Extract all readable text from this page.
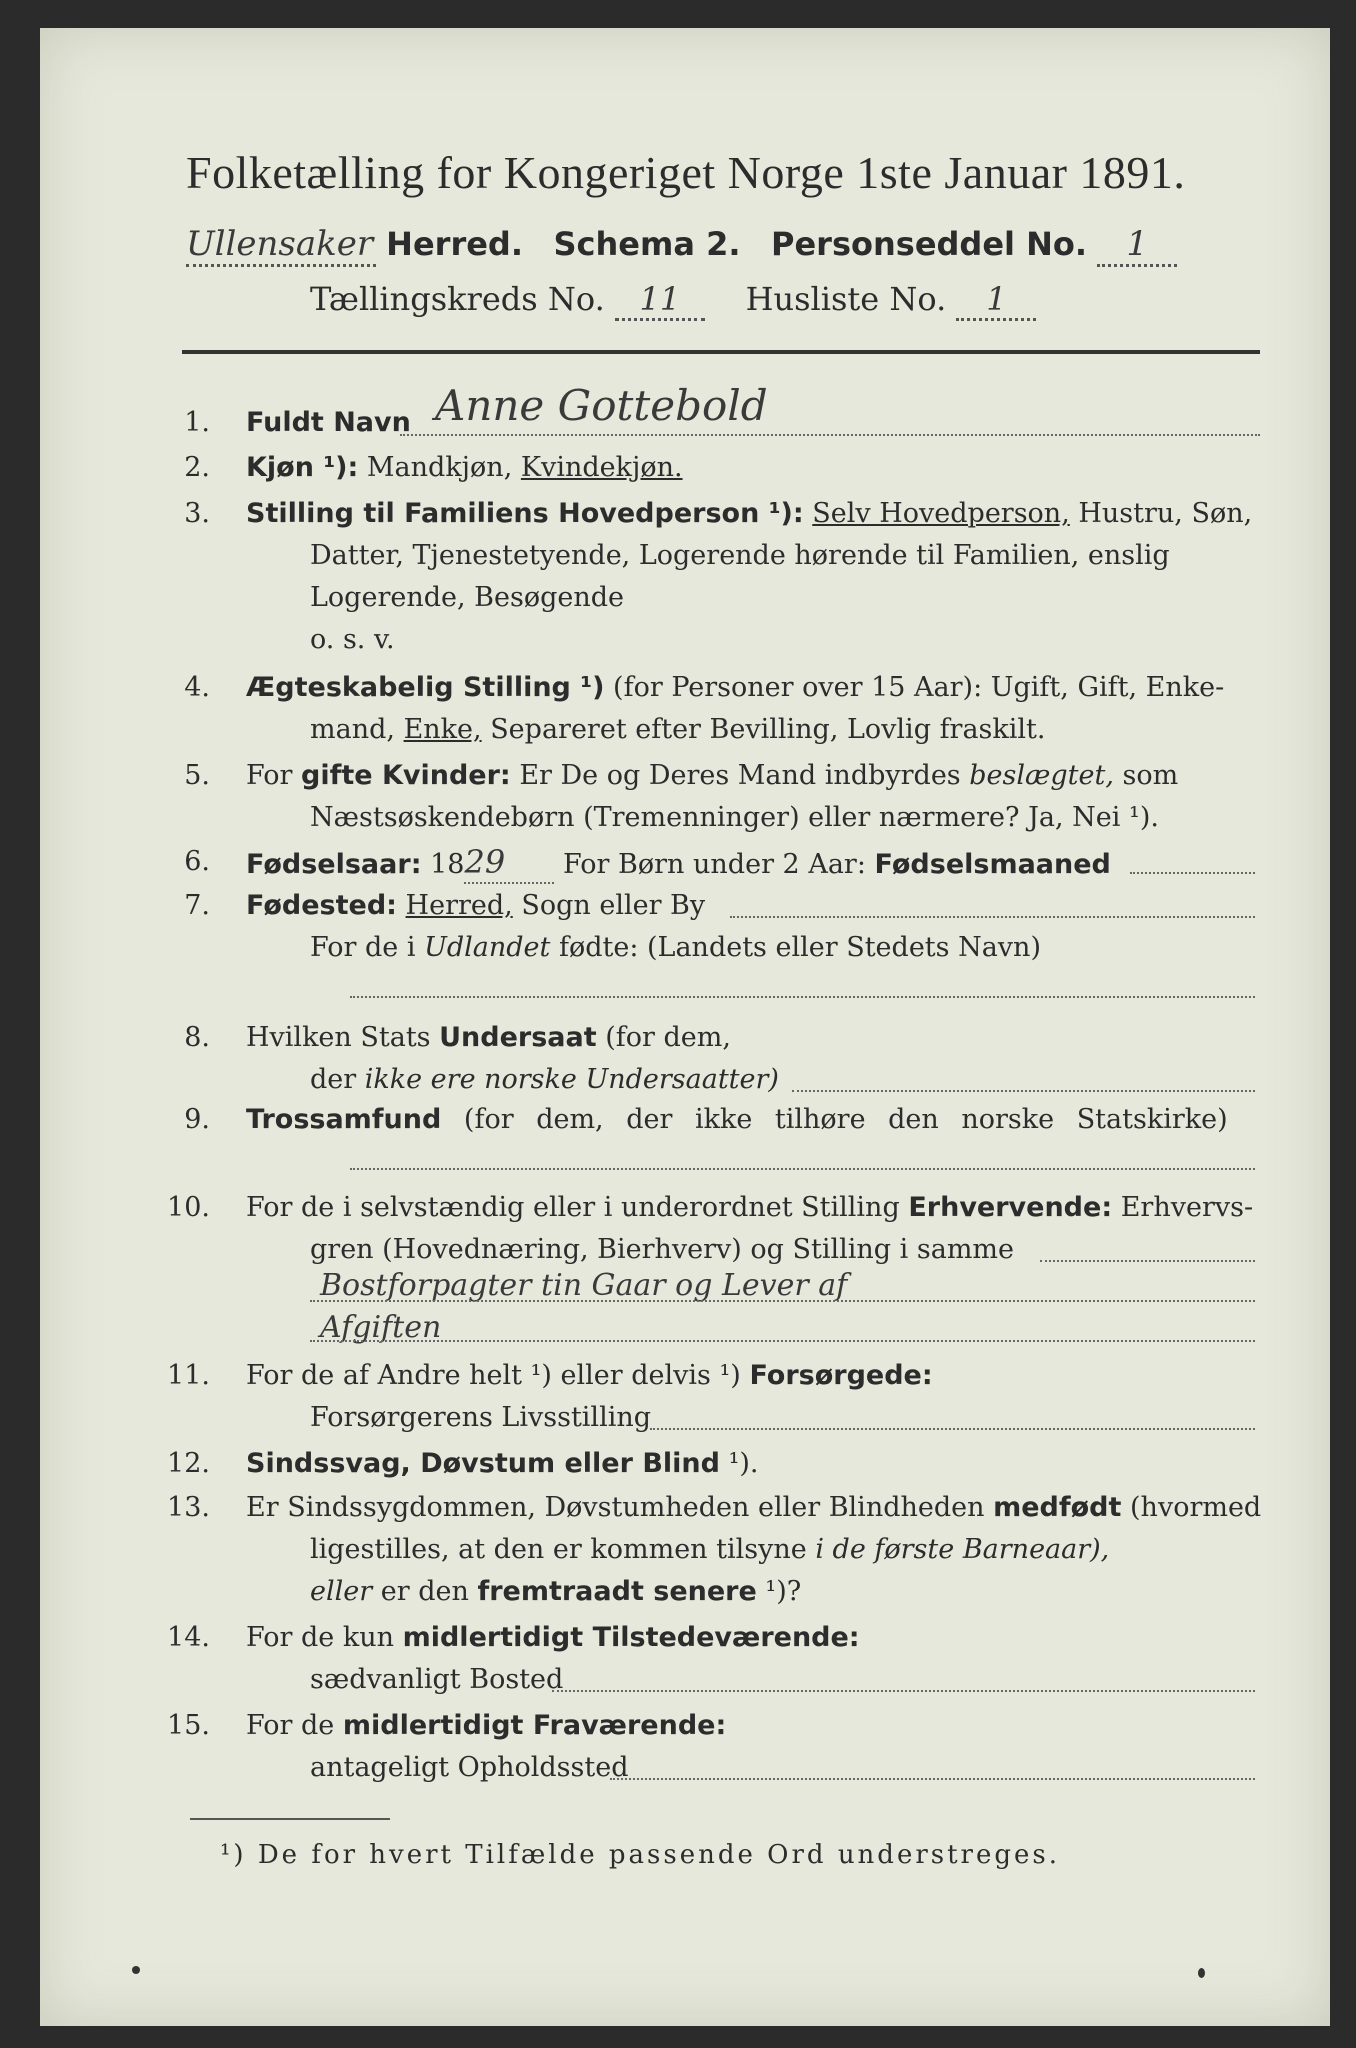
Folketælling for Kongeriget Norge 1ste Januar 1891.
Ullensaker Herred. Schema 2. Personseddel No. 1
Tællingskreds No. 11 Husliste No. 1
1. Fuldt Navn Anne Gottebold
2. Kjøn ¹): Mandkjøn, Kvindekjøn.
3. Stilling til Familiens Hovedperson ¹): Selv Hovedperson, Hustru, Søn,
Datter, Tjenestetyende, Logerende hørende til Familien, enslig
Logerende, Besøgende
o. s. v.
4. Ægteskabelig Stilling ¹) (for Personer over 15 Aar): Ugift, Gift, Enke-
mand, Enke, Separeret efter Bevilling, Lovlig fraskilt.
5. For gifte Kvinder: Er De og Deres Mand indbyrdes beslægtet, som
Næstsøskendebørn (Tremenninger) eller nærmere? Ja, Nei ¹).
6. Fødselsaar: 1829 For Børn under 2 Aar: Fødselsmaaned
7. Fødested: Herred, Sogn eller By
For de i Udlandet fødte: (Landets eller Stedets Navn)
8. Hvilken Stats Undersaat (for dem,
der ikke ere norske Undersaatter)
9. Trossamfund (for dem, der ikke tilhøre den norske Statskirke)
10. For de i selvstændig eller i underordnet Stilling Erhvervende: Erhvervs-
gren (Hovednæring, Bierhverv) og Stilling i samme
Bostforpagter tin Gaar og Lever af
Afgiften
11. For de af Andre helt ¹) eller delvis ¹) Forsørgede:
Forsørgerens Livsstilling
12. Sindssvag, Døvstum eller Blind ¹).
13. Er Sindssygdommen, Døvstumheden eller Blindheden medfødt (hvormed
ligestilles, at den er kommen tilsyne i de første Barneaar),
eller er den fremtraadt senere ¹)?
14. For de kun midlertidigt Tilstedeværende:
sædvanligt Bosted
15. For de midlertidigt Fraværende:
antageligt Opholdssted
¹) De for hvert Tilfælde passende Ord understreges.
